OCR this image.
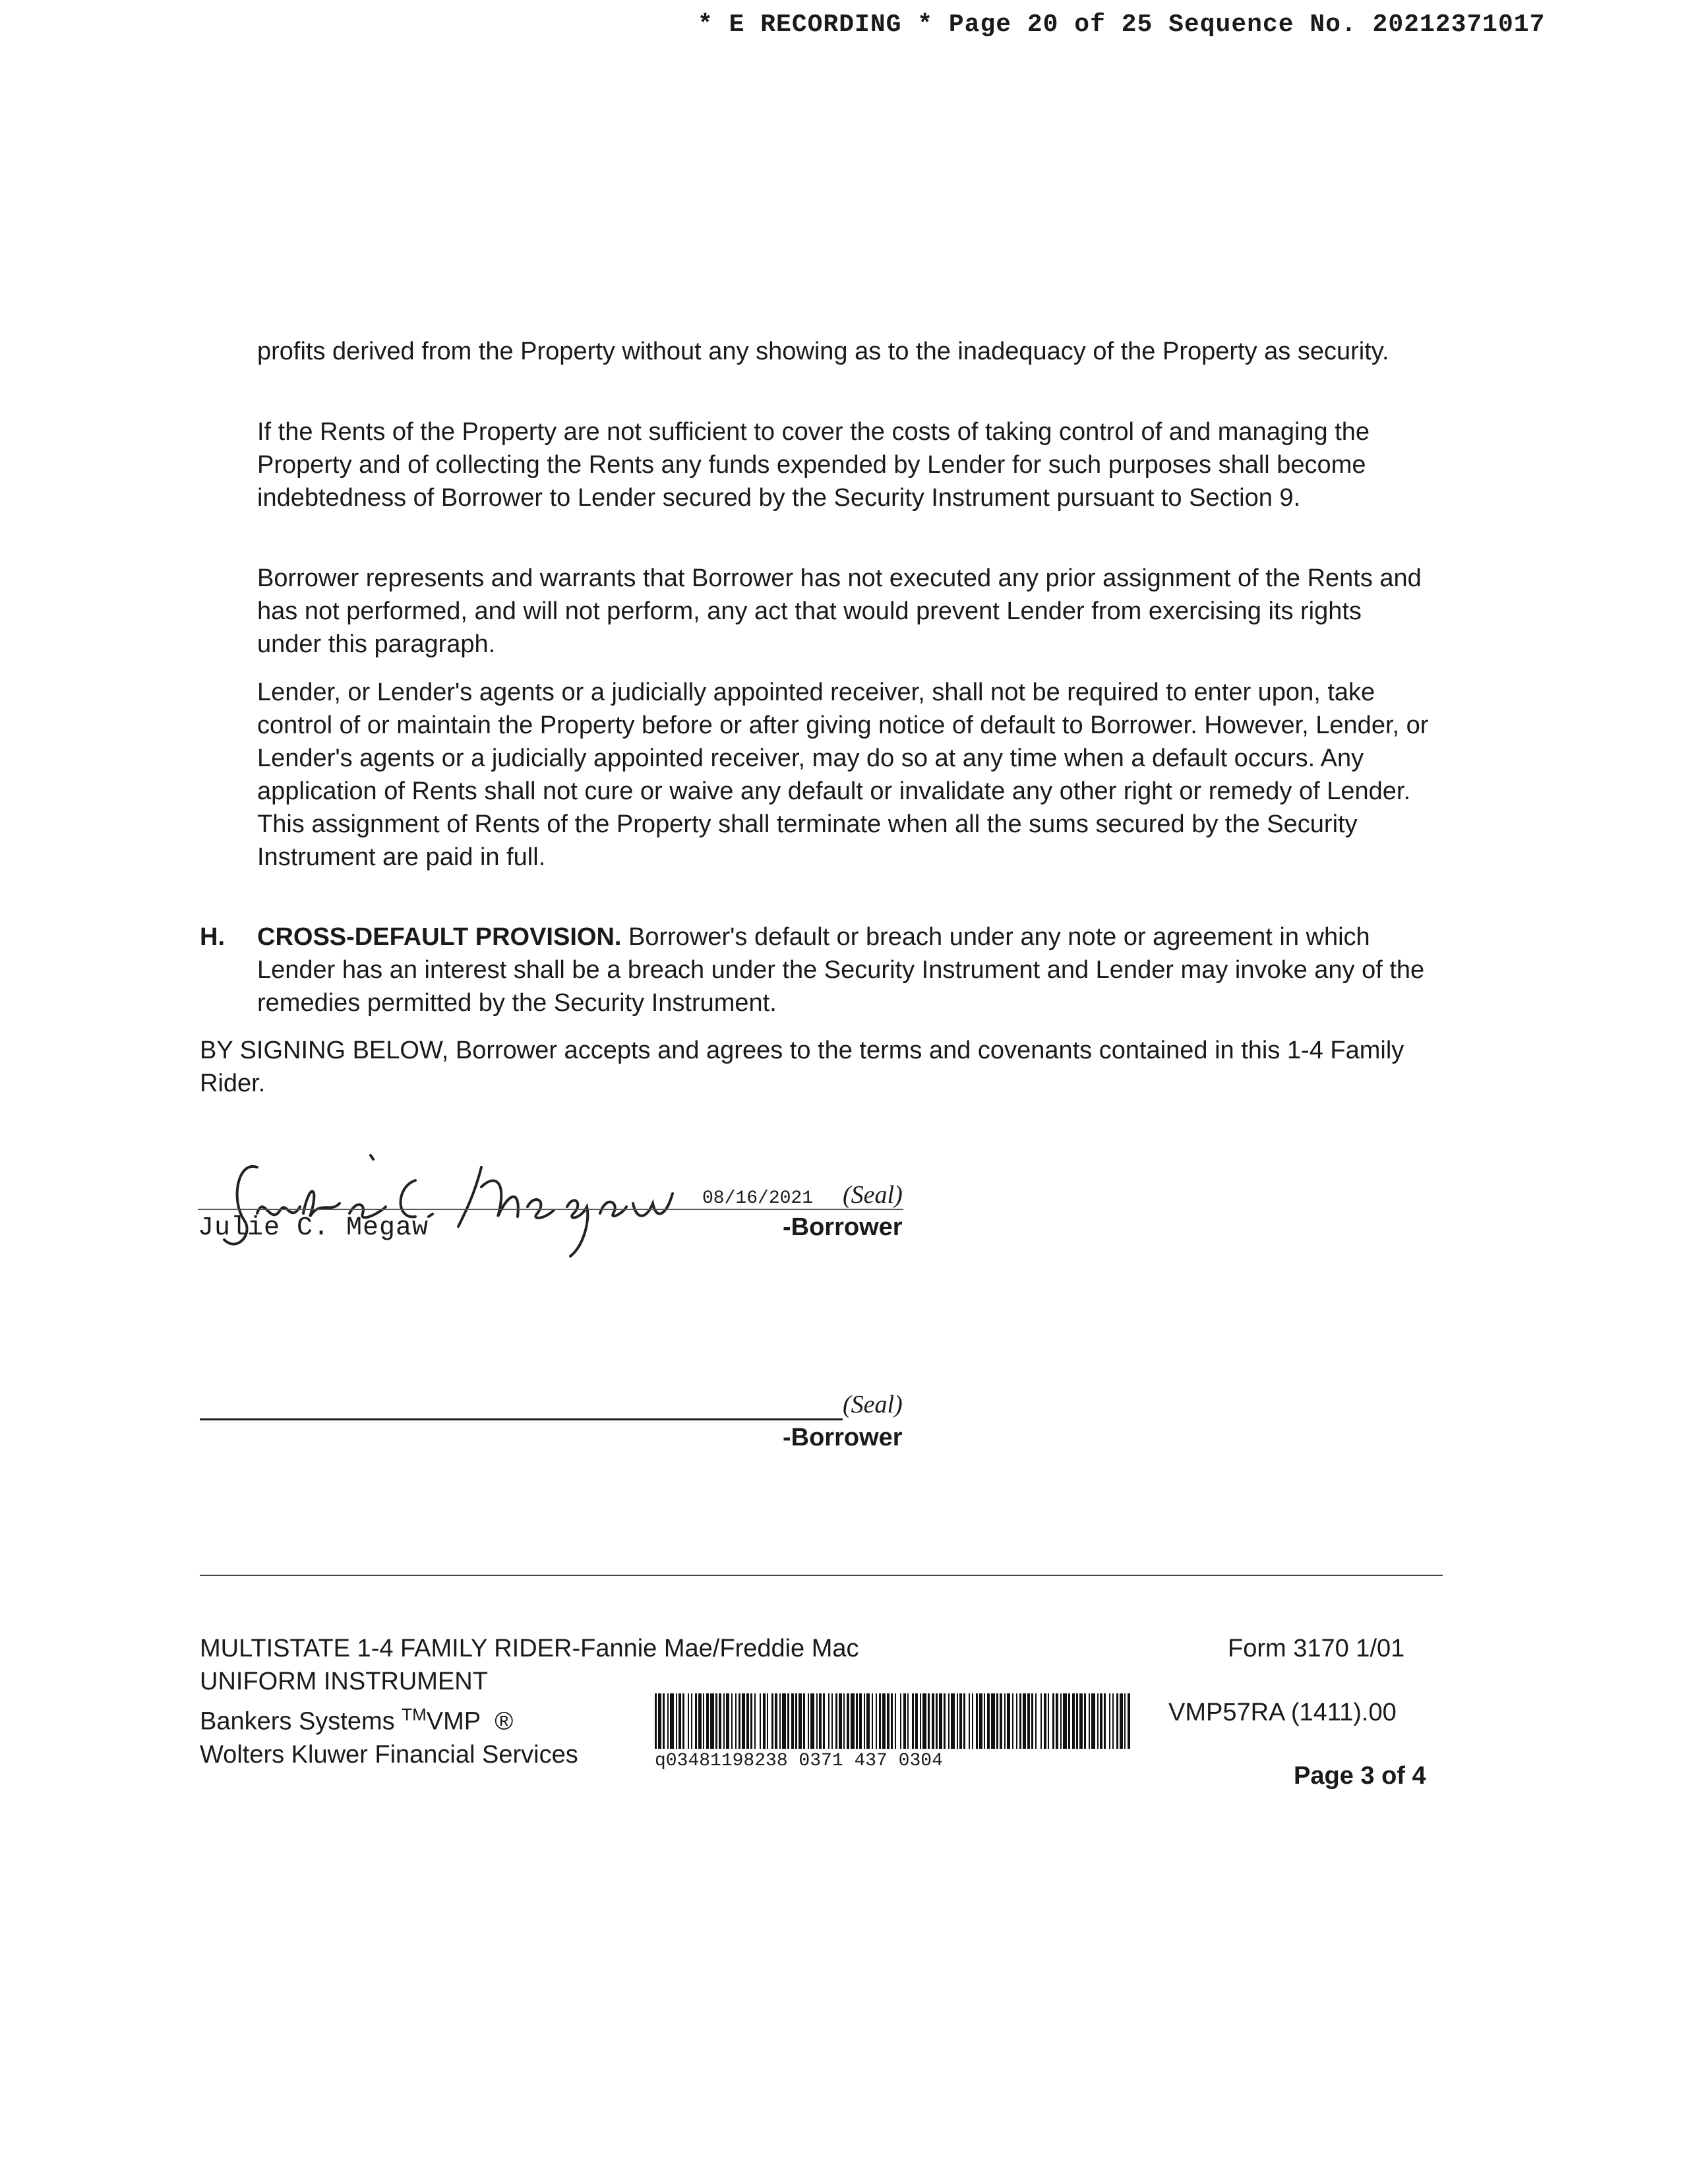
* E RECORDING * Page 20 of 25 Sequence No. 20212371017
profits derived from the Property without any showing as to the inadequacy of the Property as security.
If the Rents of the Property are not sufficient to cover the costs of taking control of and managing the Property and of collecting the Rents any funds expended by Lender for such purposes shall become indebtedness of Borrower to Lender secured by the Security Instrument pursuant to Section 9.
Borrower represents and warrants that Borrower has not executed any prior assignment of the Rents and has not performed, and will not perform, any act that would prevent Lender from exercising its rights under this paragraph.
Lender, or Lender's agents or a judicially appointed receiver, shall not be required to enter upon, take control of or maintain the Property before or after giving notice of default to Borrower. However, Lender, or Lender's agents or a judicially appointed receiver, may do so at any time when a default occurs. Any application of Rents shall not cure or waive any default or invalidate any other right or remedy of Lender. This assignment of Rents of the Property shall terminate when all the sums secured by the Security Instrument are paid in full.
H. CROSS-DEFAULT PROVISION. Borrower's default or breach under any note or agreement in which Lender has an interest shall be a breach under the Security Instrument and Lender may invoke any of the remedies permitted by the Security Instrument.
BY SIGNING BELOW, Borrower accepts and agrees to the terms and covenants contained in this 1-4 Family Rider.
08/16/2021 (Seal)
-Borrower
Julie C. Megaw
(Seal)
-Borrower
MULTISTATE 1-4 FAMILY RIDER-Fannie Mae/Freddie Mac
UNIFORM INSTRUMENT
Bankers Systems ™VMP ®
Wolters Kluwer Financial Services	q03481198238 0371 437 0304
Form 3170 1/01
VMP57RA (1411).00
Page 3 of 4
